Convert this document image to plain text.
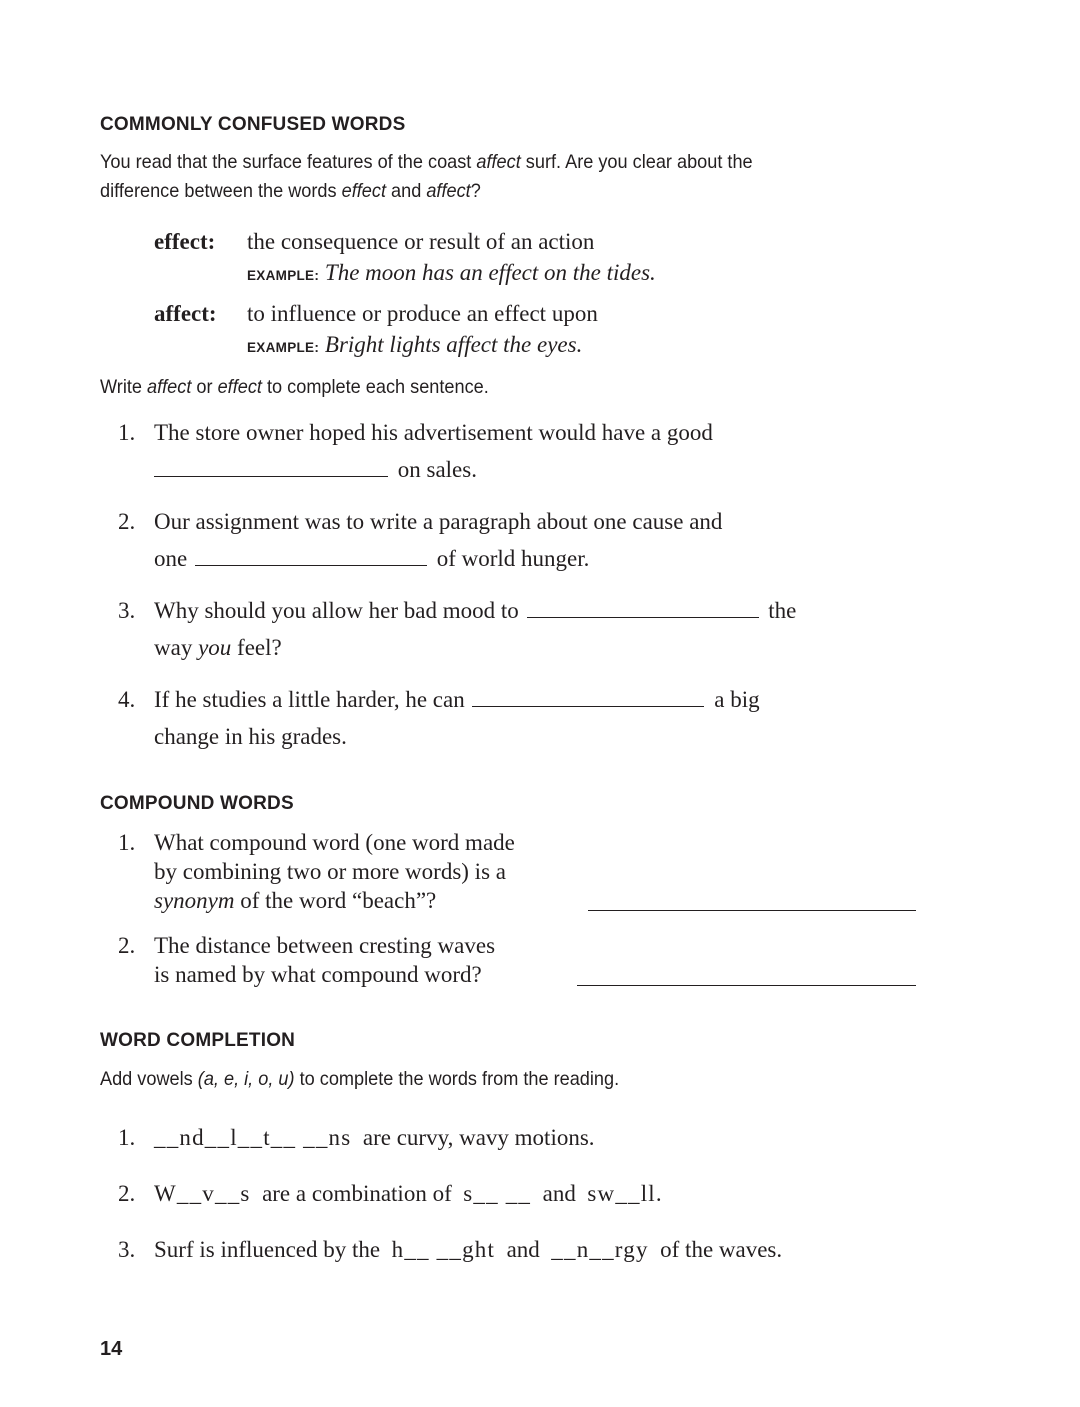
COMMONLY CONFUSED WORDS
You read that the surface features of the coast affect surf. Are you clear about the difference between the words effect and affect?
effect: the consequence or result of an action
EXAMPLE: The moon has an effect on the tides.
affect: to influence or produce an effect upon
EXAMPLE: Bright lights affect the eyes.
Write affect or effect to complete each sentence.
1. The store owner hoped his advertisement would have a good
on sales.
2. Our assignment was to write a paragraph about one cause and
one	of world hunger.
3. Why should you allow her bad mood to	the
way you feel?
4. If he studies a little harder, he can	a big
change in his grades.
COMPOUND WORDS
1. What compound word (one word made
by combining two or more words) is a
synonym of the word “beach”?
2. The distance between cresting waves
is named by what compound word?
WORD COMPLETION
Add vowels (a, e, i, o, u) to complete the words from the reading.
1. __nd__l__t__ __ns are curvy, wavy motions.
2. W__v__s are a combination of s__ __ and sw__ll.
3. Surf is influenced by the h__ __ght and __n__rgy of the waves.
14
